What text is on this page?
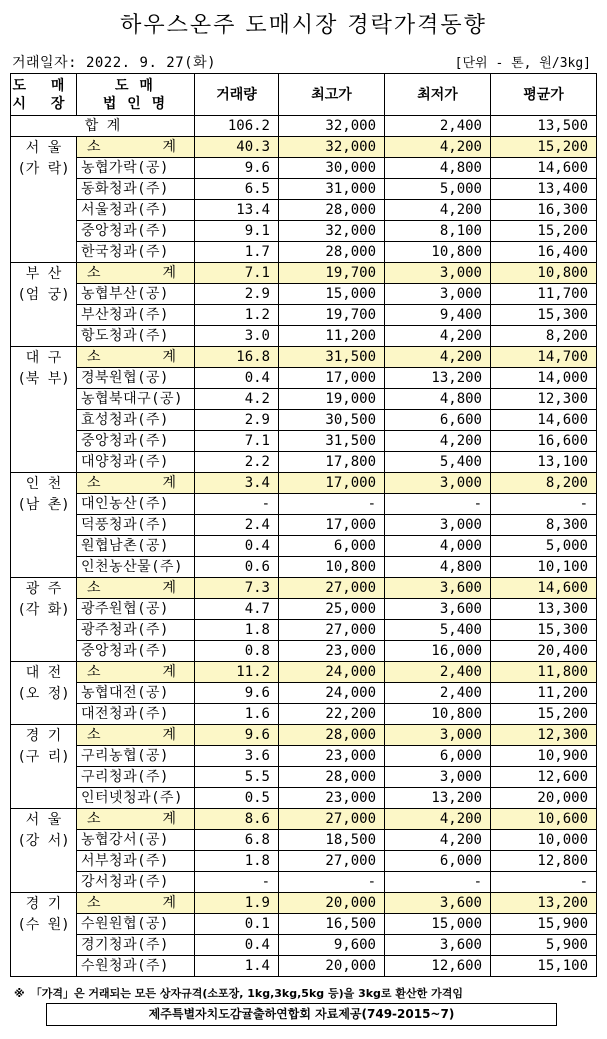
하우스온주 도매시장 경락가격동향
거래일자: 2022. 9. 27(화)	[단위 - 톤, 원/3kg]
도 매
시 장	도 매
법 인 명	거래량	최고가	최저가	평균가
합 계		106.2	32,000	2,400	13,500

서 울
(가 락)	소 계	40.3	32,000	4,200	15,200
	농협가락(공)	9.6	30,000	4,800	14,600
	동화청과(주)	6.5	31,000	5,000	13,400
	서울청과(주)	13.4	28,000	4,200	16,300
	중앙청과(주)	9.1	32,000	8,100	15,200
	한국청과(주)	1.7	28,000	10,800	16,400

부 산
(엄 궁)	소 계	7.1	19,700	3,000	10,800
	농협부산(공)	2.9	15,000	3,000	11,700
	부산청과(주)	1.2	19,700	9,400	15,300
	항도청과(주)	3.0	11,200	4,200	8,200

대 구
(북 부)	소 계	16.8	31,500	4,200	14,700
	경북원협(공)	0.4	17,000	13,200	14,000
	농협북대구(공)	4.2	19,000	4,800	12,300
	효성청과(주)	2.9	30,500	6,600	14,600
	중앙청과(주)	7.1	31,500	4,200	16,600
	대양청과(주)	2.2	17,800	5,400	13,100

인 천
(남 촌)	소 계	3.4	17,000	3,000	8,200
	대인농산(주)	-	-	-	-
	덕풍청과(주)	2.4	17,000	3,000	8,300
	원협남촌(공)	0.4	6,000	4,000	5,000
	인천농산물(주)	0.6	10,800	4,800	10,100

광 주
(각 화)	소 계	7.3	27,000	3,600	14,600
	광주원협(공)	4.7	25,000	3,600	13,300
	광주청과(주)	1.8	27,000	5,400	15,300
	중앙청과(주)	0.8	23,000	16,000	20,400

대 전
(오 정)	소 계	11.2	24,000	2,400	11,800
	농협대전(공)	9.6	24,000	2,400	11,200
	대전청과(주)	1.6	22,200	10,800	15,200

경 기
(구 리)	소 계	9.6	28,000	3,000	12,300
	구리농협(공)	3.6	23,000	6,000	10,900
	구리청과(주)	5.5	28,000	3,000	12,600
	인터넷청과(주)	0.5	23,000	13,200	20,000

서 울
(강 서)	소 계	8.6	27,000	4,200	10,600
	농협강서(공)	6.8	18,500	4,200	10,000
	서부청과(주)	1.8	27,000	6,000	12,800
	강서청과(주)	-	-	-	-

경 기
(수 원)	소 계	1.9	20,000	3,600	13,200
	수원원협(공)	0.1	16,500	15,000	15,900
	경기청과(주)	0.4	9,600	3,600	5,900
	수원청과(주)	1.4	20,000	12,600	15,100
※ 「가격」은 거래되는 모든 상자규격(소포장, 1kg,3kg,5kg 등)을 3kg로 환산한 가격임
제주특별자치도감귤출하연합회 자료제공(749-2015~7)
